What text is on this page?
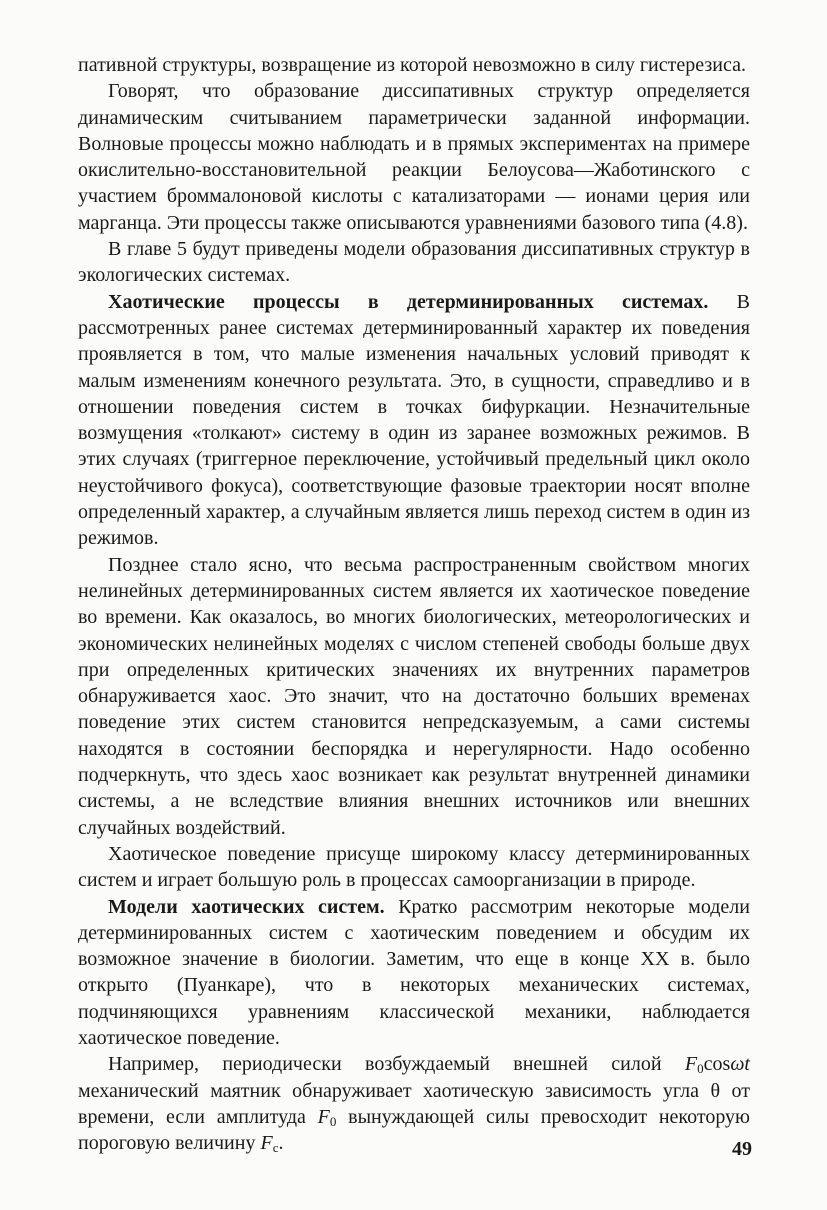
пативной структуры, возвращение из которой невозможно в силу гистерезиса.

Говорят, что образование диссипативных структур определяется динамическим считыванием параметрически заданной информации. Волновые процессы можно наблюдать и в прямых экспериментах на примере окислительно-восстановительной реакции Белоусова—Жаботинского с участием броммалоновой кислоты с катализаторами — ионами церия или марганца. Эти процессы также описываются уравнениями базового типа (4.8).

В главе 5 будут приведены модели образования диссипативных структур в экологических системах.

Хаотические процессы в детерминированных системах. В рассмотренных ранее системах детерминированный характер их поведения проявляется в том, что малые изменения начальных условий приводят к малым изменениям конечного результата. Это, в сущности, справедливо и в отношении поведения систем в точках бифуркации. Незначительные возмущения «толкают» систему в один из заранее возможных режимов. В этих случаях (триггерное переключение, устойчивый предельный цикл около неустойчивого фокуса), соответствующие фазовые траектории носят вполне определенный характер, а случайным является лишь переход систем в один из режимов.

Позднее стало ясно, что весьма распространенным свойством многих нелинейных детерминированных систем является их хаотическое поведение во времени. Как оказалось, во многих биологических, метеорологических и экономических нелинейных моделях с числом степеней свободы больше двух при определенных критических значениях их внутренних параметров обнаруживается хаос. Это значит, что на достаточно больших временах поведение этих систем становится непредсказуемым, а сами системы находятся в состоянии беспорядка и нерегулярности. Надо особенно подчеркнуть, что здесь хаос возникает как результат внутренней динамики системы, а не вследствие влияния внешних источников или внешних случайных воздействий.

Хаотическое поведение присуще широкому классу детерминированных систем и играет большую роль в процессах самоорганизации в природе.

Модели хаотических систем. Кратко рассмотрим некоторые модели детерминированных систем с хаотическим поведением и обсудим их возможное значение в биологии. Заметим, что еще в конце XX в. было открыто (Пуанкаре), что в некоторых механических системах, подчиняющихся уравнениям классической механики, наблюдается хаотическое поведение.

Например, периодически возбуждаемый внешней силой $F_0\cos\omega t$ механический маятник обнаруживает хаотическую зависимость угла θ от времени, если амплитуда $F_0$ вынуждающей силы превосходит некоторую пороговую величину $F_c$.	49
